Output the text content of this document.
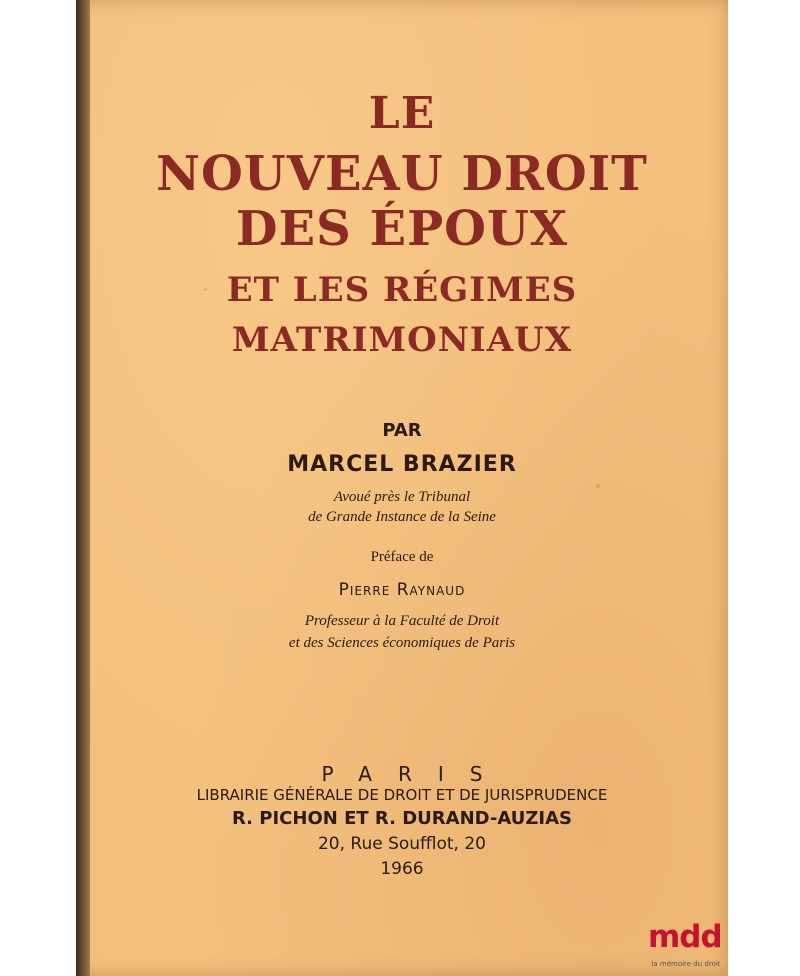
LE
NOUVEAU DROIT
DES ÉPOUX
ET LES RÉGIMES
MATRIMONIAUX
PAR
MARCEL BRAZIER
Avoué près le Tribunal
de Grande Instance de la Seine
Préface de
Pierre Raynaud
Professeur à la Faculté de Droit
et des Sciences économiques de Paris
PARIS
LIBRAIRIE GÉNÉRALE DE DROIT ET DE JURISPRUDENCE
R. PICHON ET R. DURAND-AUZIAS
20, Rue Soufflot, 20
1966
mdd
la mémoire du droit
